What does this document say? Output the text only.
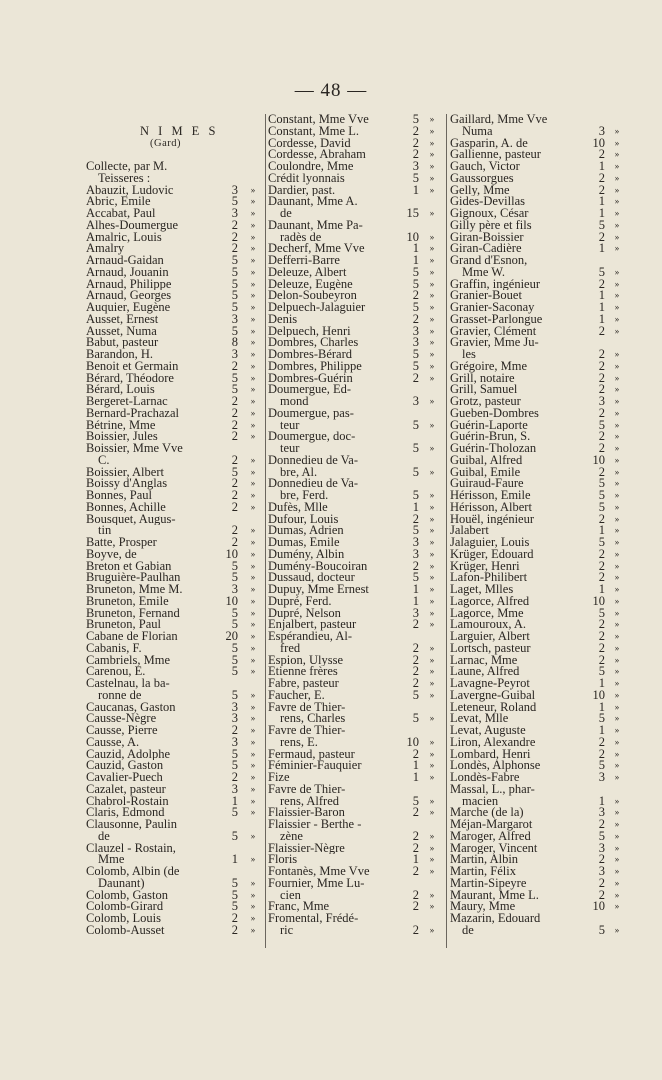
— 48 —
N I M E S
(Gard)
Collecte, par M.
Teisseres :
Abauzit, Ludovic	3	»
Abric, Emile	5	»
Accabat, Paul	3	»
Alhes-Doumergue	2	»
Amalric, Louis	2	»
Amalry	2	»
Arnaud-Gaidan	5	»
Arnaud, Jouanin	5	»
Arnaud, Philippe	5	»
Arnaud, Georges	5	»
Auquier, Eugène	5	»
Ausset, Ernest	3	»
Ausset, Numa	5	»
Babut, pasteur	8	»
Barandon, H.	3	»
Benoit et Germain	2	»
Bérard, Théodore	5	»
Bérard, Louis	5	»
Bergeret-Larnac	2	»
Bernard-Prachazal	2	»
Bétrine, Mme	2	»
Boissier, Jules	2	»
Boissier, Mme Vve
C.	2	»
Boissier, Albert	5	»
Boissy d'Anglas	2	»
Bonnes, Paul	2	»
Bonnes, Achille	2	»
Bousquet, Augus-
tin	2	»
Batte, Prosper	2	»
Boyve, de	10	»
Breton et Gabian	5	»
Bruguière-Paulhan	5	»
Bruneton, Mme M.	3	»
Bruneton, Emile	10	»
Bruneton, Fernand	5	»
Bruneton, Paul	5	»
Cabane de Florian	20	»
Cabanis, F.	5	»
Cambriels, Mme	5	»
Carenou, E.	5	»
Castelnau, la ba-
ronne de	5	»
Caucanas, Gaston	3	»
Causse-Nègre	3	»
Causse, Pierre	2	»
Causse, A.	3	»
Cauzid, Adolphe	5	»
Cauzid, Gaston	5	»
Cavalier-Puech	2	»
Cazalet, pasteur	3	»
Chabrol-Rostain	1	»
Claris, Edmond	5	»
Clausonne, Paulin
de	5	»
Clauzel - Rostain,
Mme	1	»
Colomb, Albin (de
Daunant)	5	»
Colomb, Gaston	5	»
Colomb-Girard	5	»
Colomb, Louis	2	»
Colomb-Ausset	2	»
Constant, Mme Vve	5	»
Constant, Mme L.	2	»
Cordesse, David	2	»
Cordesse, Abraham	2	»
Coulondre, Mme	3	»
Crédit lyonnais	5	»
Dardier, past.	1	»
Daunant, Mme A.
de	15	»
Daunant, Mme Pa-
radès de	10	»
Decherf, Mme Vve	1	»
Defferri-Barre	1	»
Deleuze, Albert	5	»
Deleuze, Eugène	5	»
Delon-Soubeyron	2	»
Delpuech-Jalaguier	5	»
Denis	2	»
Delpuech, Henri	3	»
Dombres, Charles	3	»
Dombres-Bérard	5	»
Dombres, Philippe	5	»
Dombres-Guérin	2	»
Doumergue, Ed-
mond	3	»
Doumergue, pas-
teur	5	»
Doumergue, doc-
teur	5	»
Donnedieu de Va-
bre, Al.	5	»
Donnedieu de Va-
bre, Ferd.	5	»
Dufès, Mlle	1	»
Dufour, Louis	2	»
Dumas, Adrien	5	»
Dumas, Emile	3	»
Dumény, Albin	3	»
Dumény-Boucoiran	2	»
Dussaud, docteur	5	»
Dupuy, Mme Ernest	1	»
Dupré, Ferd.	1	»
Dupré, Nelson	3	»
Enjalbert, pasteur	2	»
Espérandieu, Al-
fred	2	»
Espion, Ulysse	2	»
Etienne frères	2	»
Fabre, pasteur	2	»
Faucher, E.	5	»
Favre de Thier-
rens, Charles	5	»
Favre de Thier-
rens, E.	10	»
Fermaud, pasteur	2	»
Féminier-Fauquier	1	»
Fize	1	»
Favre de Thier-
rens, Alfred	5	»
Flaissier-Baron	2	»
Flaissier - Berthe -
zène	2	»
Flaissier-Nègre	2	»
Floris	1	»
Fontanès, Mme Vve	2	»
Fournier, Mme Lu-
cien	2	»
Franc, Mme	2	»
Fromental, Frédé-
ric	2	»
Gaillard, Mme Vve
Numa	3	»
Gasparin, A. de	10	»
Gallienne, pasteur	2	»
Gauch, Victor	1	»
Gaussorgues	2	»
Gelly, Mme	2	»
Gides-Devillas	1	»
Gignoux, César	1	»
Gilly père et fils	5	»
Giran-Boissier	2	»
Giran-Cadière	1	»
Grand d'Esnon,
Mme W.	5	»
Graffin, ingénieur	2	»
Granier-Bouet	1	»
Granier-Saconay	1	»
Grasset-Parlongue	1	»
Gravier, Clément	2	»
Gravier, Mme Ju-
les	2	»
Grégoire, Mme	2	»
Grill, notaire	2	»
Grill, Samuel	2	»
Grotz, pasteur	3	»
Gueben-Dombres	2	»
Guérin-Laporte	5	»
Guérin-Brun, S.	2	»
Guérin-Tholozan	2	»
Guibal, Alfred	10	»
Guibal, Emile	2	»
Guiraud-Faure	5	»
Hérisson, Emile	5	»
Hérisson, Albert	5	»
Houël, ingénieur	2	»
Jalabert	1	»
Jalaguier, Louis	5	»
Krüger, Edouard	2	»
Krüger, Henri	2	»
Lafon-Philibert	2	»
Laget, Mlles	1	»
Lagorce, Alfred	10	»
Lagorce, Mme	5	»
Lamouroux, A.	2	»
Larguier, Albert	2	»
Lortsch, pasteur	2	»
Larnac, Mme	2	»
Laune, Alfred	5	»
Lavagne-Peyrot	1	»
Lavergne-Guibal	10	»
Leteneur, Roland	1	»
Levat, Mlle	5	»
Levat, Auguste	1	»
Liron, Alexandre	2	»
Lombard, Henri	2	»
Londès, Alphonse	5	»
Londès-Fabre	3	»
Massal, L., phar-
macien	1	»
Marche (de la)	3	»
Méjan-Margarot	2	»
Maroger, Alfred	5	»
Maroger, Vincent	3	»
Martin, Albin	2	»
Martin, Félix	3	»
Martin-Sipeyre	2	»
Maurant, Mme L.	2	»
Maury, Mme	10	»
Mazarin, Edouard
de	5	»
